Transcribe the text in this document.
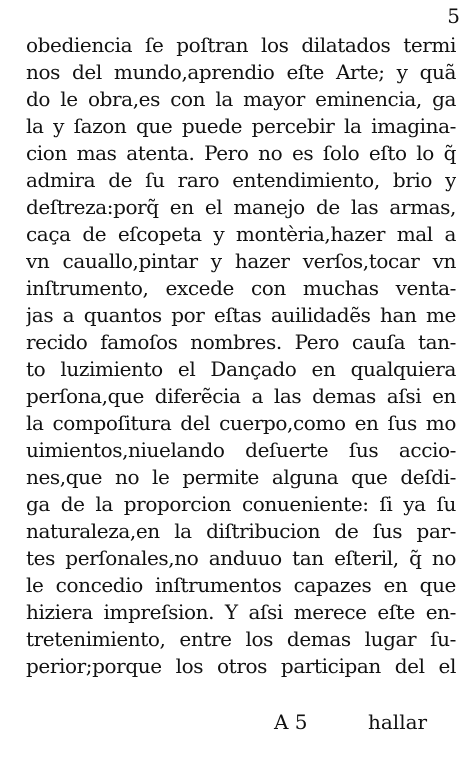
5
obediencia ſe poſtran los dilatados termi
nos del mundo,aprendio eſte Arte; y quã
do le obra,es con la mayor eminencia, ga
la y ſazon que puede percebir la imagina-
cion mas atenta. Pero no es ſolo eſto lo q̃
admira de ſu raro entendimiento, brio y
deſtreza:porq̃ en el manejo de las armas,
caça de eſcopeta y montèria,hazer mal a
vn cauallo,pintar y hazer verſos,tocar vn
inſtrumento, excede con muchas venta-
jas a quantos por eſtas auilidadẽs han me
recido famoſos nombres. Pero cauſa tan-
to luzimiento el Dançado en qualquiera
perſona,que diferẽcia a las demas aſsi en
la compoſitura del cuerpo,como en ſus mo
uimientos,niuelando deſuerte ſus accio-
nes,que no le permite alguna que deſdi-
ga de la proporcion conueniente: ſi ya ſu
naturaleza,en la diſtribucion de ſus par-
tes perſonales,no anduuo tan eſteril, q̃ no
le concedio inſtrumentos capazes en que
hiziera impreſsion. Y aſsi merece eſte en-
tretenimiento, entre los demas lugar ſu-
perior;porque los otros participan del el
A 5	hallar
